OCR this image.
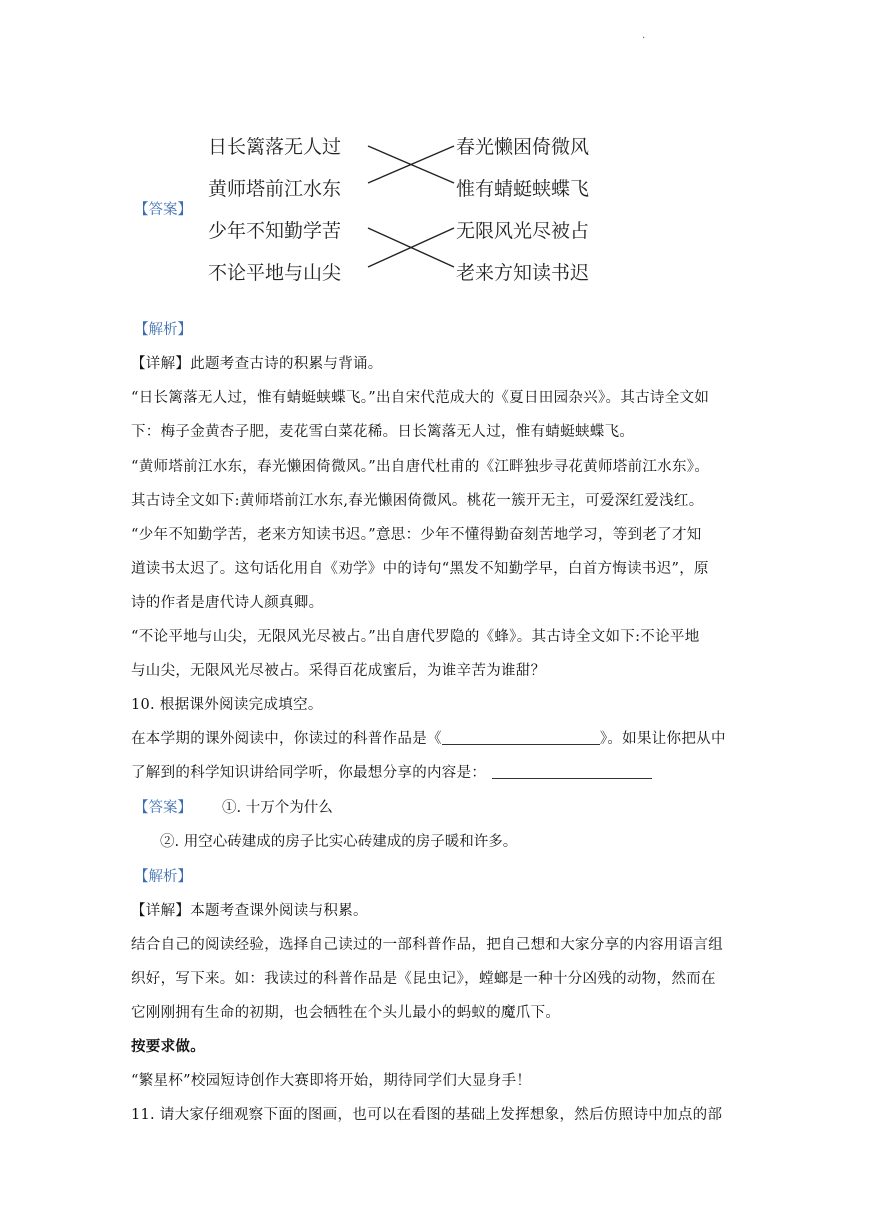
.
【答案】
日长篱落无人过
黄师塔前江水东
少年不知勤学苦
不论平地与山尖
春光懒困倚微风
惟有蜻蜓蛱蝶飞
无限风光尽被占
老来方知读书迟
【解析】
【详解】此题考查古诗的积累与背诵。
“日长篱落无人过，惟有蜻蜓蛱蝶飞。”出自宋代范成大的《夏日田园杂兴》。其古诗全文如
下：梅子金黄杏子肥，麦花雪白菜花稀。日长篱落无人过，惟有蜻蜓蛱蝶飞。
“黄师塔前江水东，春光懒困倚微风。”出自唐代杜甫的《江畔独步寻花黄师塔前江水东》。
其古诗全文如下:黄师塔前江水东,春光懒困倚微风。桃花一簇开无主，可爱深红爱浅红。
“少年不知勤学苦，老来方知读书迟。”意思：少年不懂得勤奋刻苦地学习，等到老了才知
道读书太迟了。这句话化用自《劝学》中的诗句“黑发不知勤学早，白首方悔读书迟”，原
诗的作者是唐代诗人颜真卿。
“不论平地与山尖，无限风光尽被占。”出自唐代罗隐的《蜂》。其古诗全文如下:不论平地
与山尖，无限风光尽被占。采得百花成蜜后，为谁辛苦为谁甜？
10. 根据课外阅读完成填空。
在本学期的课外阅读中，你读过的科普作品是《	》。如果让你把从中
了解到的科学知识讲给同学听，你最想分享的内容是：
【答案】 ①. 十万个为什么
②. 用空心砖建成的房子比实心砖建成的房子暖和许多。
【解析】
【详解】本题考查课外阅读与积累。
结合自己的阅读经验，选择自己读过的一部科普作品，把自己想和大家分享的内容用语言组
织好，写下来。如：我读过的科普作品是《昆虫记》，螳螂是一种十分凶残的动物，然而在
它刚刚拥有生命的初期，也会牺牲在个头儿最小的蚂蚁的魔爪下。
按要求做。
“繁星杯”校园短诗创作大赛即将开始，期待同学们大显身手！
11. 请大家仔细观察下面的图画，也可以在看图的基础上发挥想象，然后仿照诗中加点的部
